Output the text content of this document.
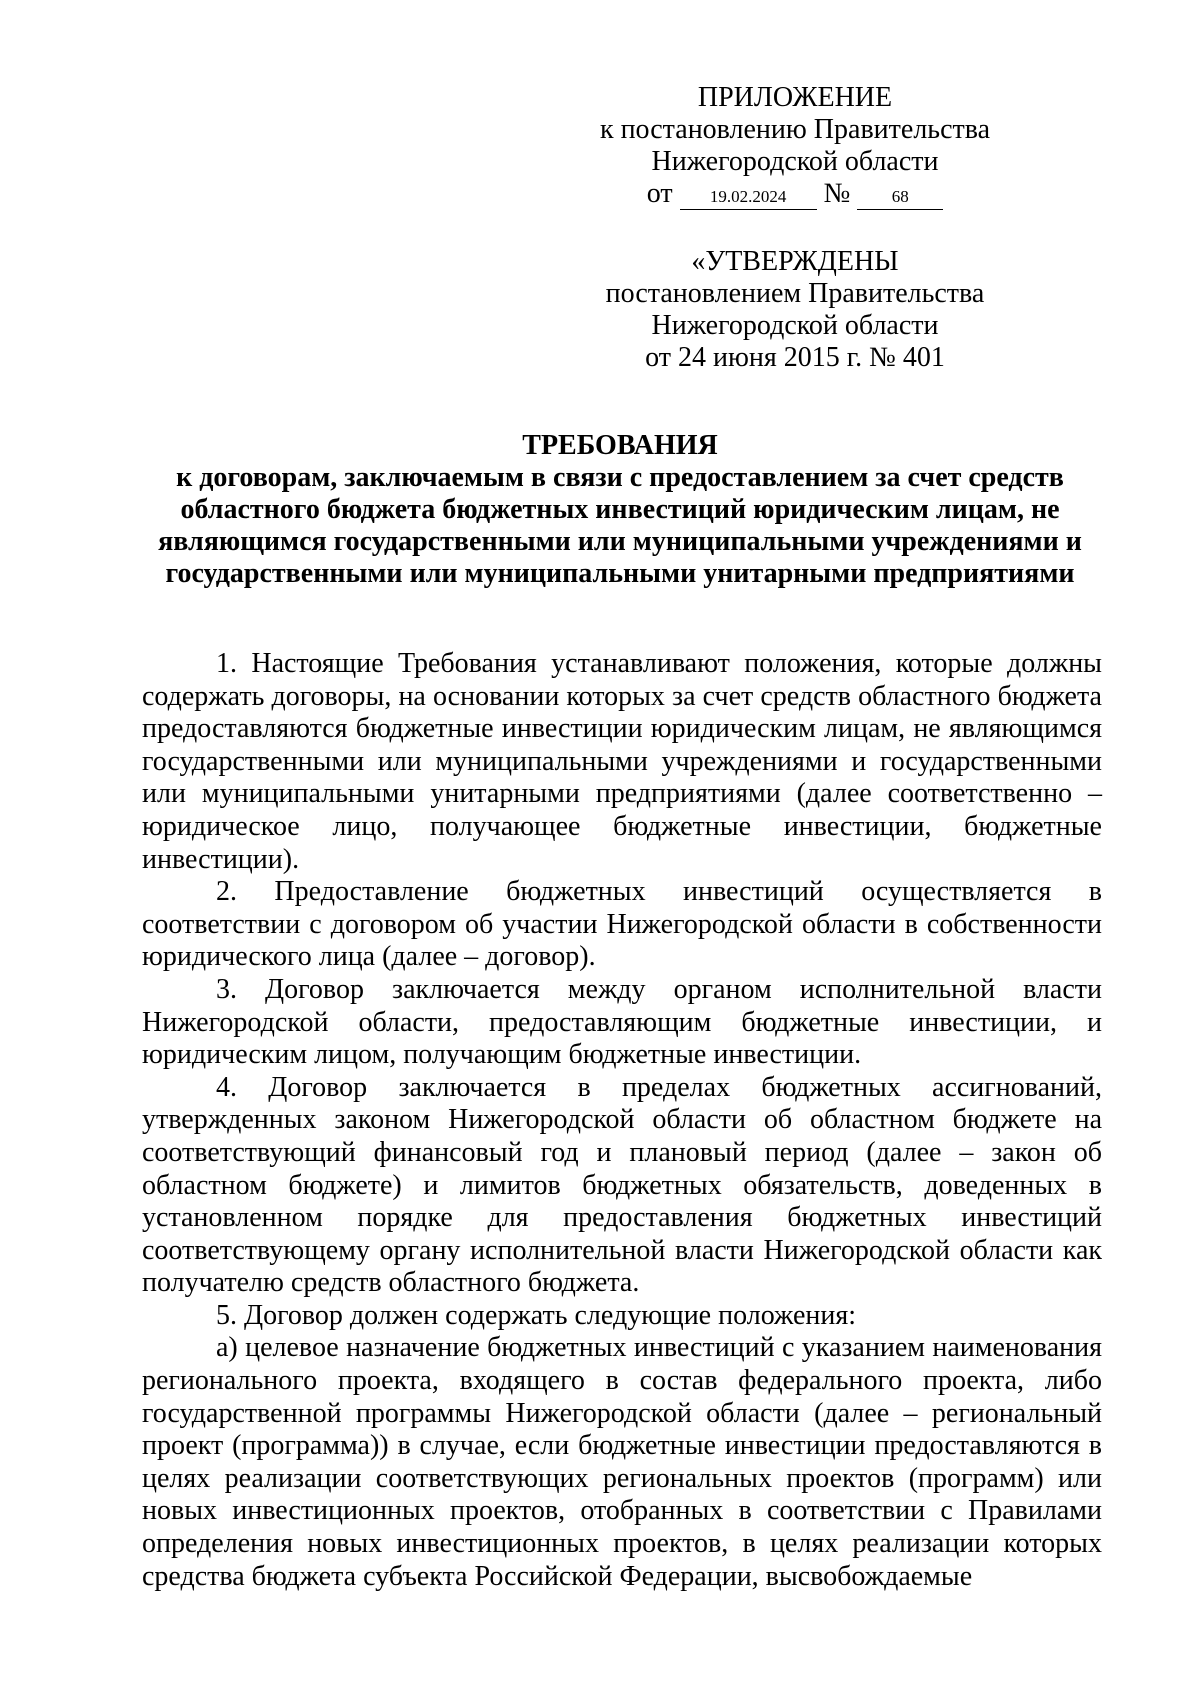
ПРИЛОЖЕНИЕ
к постановлению Правительства
Нижегородской области
от 19.02.2024 № 68
«УТВЕРЖДЕНЫ
постановлением Правительства
Нижегородской области
от 24 июня 2015 г. № 401
ТРЕБОВАНИЯ
к договорам, заключаемым в связи с предоставлением за счет средств
областного бюджета бюджетных инвестиций юридическим лицам, не
являющимся государственными или муниципальными учреждениями и
государственными или муниципальными унитарными предприятиями

1. Настоящие Требования устанавливают положения, которые должны содержать договоры, на основании которых за счет средств областного бюджета предоставляются бюджетные инвестиции юридическим лицам, не являющимся государственными или муниципальными учреждениями и государственными или муниципальными унитарными предприятиями (далее соответственно – юридическое лицо, получающее бюджетные инвестиции, бюджетные инвестиции).

2. Предоставление бюджетных инвестиций осуществляется в соответствии с договором об участии Нижегородской области в собственности юридического лица (далее – договор).

3. Договор заключается между органом исполнительной власти Нижегородской области, предоставляющим бюджетные инвестиции, и юридическим лицом, получающим бюджетные инвестиции.

4. Договор заключается в пределах бюджетных ассигнований, утвержденных законом Нижегородской области об областном бюджете на соответствующий финансовый год и плановый период (далее – закон об областном бюджете) и лимитов бюджетных обязательств, доведенных в установленном порядке для предоставления бюджетных инвестиций соответствующему органу исполнительной власти Нижегородской области как получателю средств областного бюджета.

5. Договор должен содержать следующие положения:

а) целевое назначение бюджетных инвестиций с указанием наименования регионального проекта, входящего в состав федерального проекта, либо государственной программы Нижегородской области (далее – региональный проект (программа)) в случае, если бюджетные инвестиции предоставляются в целях реализации соответствующих региональных проектов (программ) или новых инвестиционных проектов, отобранных в соответствии с Правилами определения новых инвестиционных проектов, в целях реализации которых средства бюджета субъекта Российской Федерации, высвобождаемые
